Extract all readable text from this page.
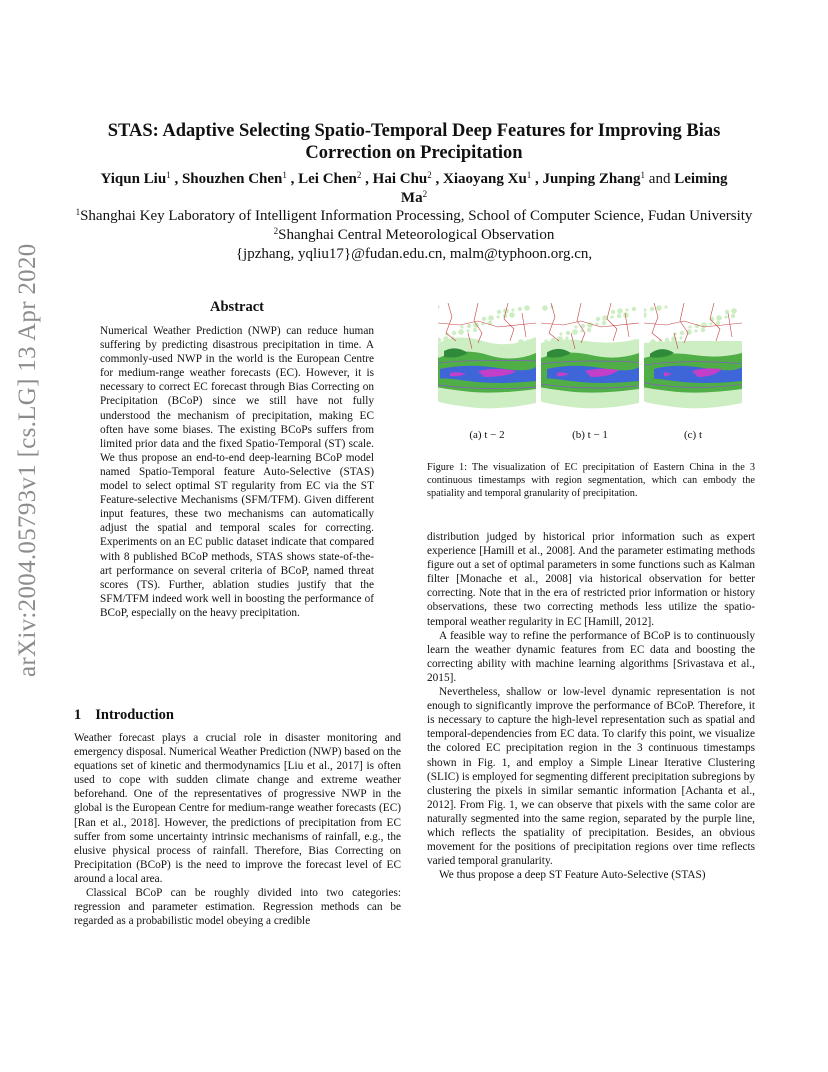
arXiv:2004.05793v1 [cs.LG] 13 Apr 2020
STAS: Adaptive Selecting Spatio-Temporal Deep Features for Improving Bias Correction on Precipitation
Yiqun Liu$^1$ , Shouzhen Chen$^1$ , Lei Chen$^2$ , Hai Chu$^2$ , Xiaoyang Xu$^1$ , Junping Zhang$^1$ and Leiming Ma$^2$
$^1$Shanghai Key Laboratory of Intelligent Information Processing, School of Computer Science, Fudan University
$^2$Shanghai Central Meteorological Observation
{jpzhang, yqliu17}@fudan.edu.cn, malm@typhoon.org.cn,
Abstract

Numerical Weather Prediction (NWP) can reduce human suffering by predicting disastrous precipitation in time. A commonly-used NWP in the world is the European Centre for medium-range weather forecasts (EC). However, it is necessary to correct EC forecast through Bias Correcting on Precipitation (BCoP) since we still have not fully understood the mechanism of precipitation, making EC often have some biases. The existing BCoPs suffers from limited prior data and the fixed Spatio-Temporal (ST) scale. We thus propose an end-to-end deep-learning BCoP model named Spatio-Temporal feature Auto-Selective (STAS) model to select optimal ST regularity from EC via the ST Feature-selective Mechanisms (SFM/TFM). Given different input features, these two mechanisms can automatically adjust the spatial and temporal scales for correcting. Experiments on an EC public dataset indicate that compared with 8 published BCoP methods, STAS shows state-of-the-art performance on several criteria of BCoP, named threat scores (TS). Further, ablation studies justify that the SFM/TFM indeed work well in boosting the performance of BCoP, especially on the heavy precipitation.

1 Introduction

Weather forecast plays a crucial role in disaster monitoring and emergency disposal. Numerical Weather Prediction (NWP) based on the equations set of kinetic and thermodynamics [Liu et al., 2017] is often used to cope with sudden climate change and extreme weather beforehand. One of the representatives of progressive NWP in the global is the European Centre for medium-range weather forecasts (EC) [Ran et al., 2018]. However, the predictions of precipitation from EC suffer from some uncertainty intrinsic mechanisms of rainfall, e.g., the elusive physical process of rainfall. Therefore, Bias Correcting on Precipitation (BCoP) is the need to improve the forecast level of EC around a local area.

Classical BCoP can be roughly divided into two categories: regression and parameter estimation. Regression methods can be regarded as a probabilistic model obeying a credible

(a) t − 2	(b) t − 1	(c) t
Figure 1: The visualization of EC precipitation of Eastern China in the 3 continuous timestamps with region segmentation, which can embody the spatiality and temporal granularity of precipitation.

distribution judged by historical prior information such as expert experience [Hamill et al., 2008]. And the parameter estimating methods figure out a set of optimal parameters in some functions such as Kalman filter [Monache et al., 2008] via historical observation for better correcting. Note that in the era of restricted prior information or history observations, these two correcting methods less utilize the spatio-temporal weather regularity in EC [Hamill, 2012].

A feasible way to refine the performance of BCoP is to continuously learn the weather dynamic features from EC data and boosting the correcting ability with machine learning algorithms [Srivastava et al., 2015].

Nevertheless, shallow or low-level dynamic representation is not enough to significantly improve the performance of BCoP. Therefore, it is necessary to capture the high-level representation such as spatial and temporal-dependencies from EC data. To clarify this point, we visualize the colored EC precipitation region in the 3 continuous timestamps shown in Fig. 1, and employ a Simple Linear Iterative Clustering (SLIC) is employed for segmenting different precipitation subregions by clustering the pixels in similar semantic information [Achanta et al., 2012]. From Fig. 1, we can observe that pixels with the same color are naturally segmented into the same region, separated by the purple line, which reflects the spatiality of precipitation. Besides, an obvious movement for the positions of precipitation regions over time reflects varied temporal granularity.

We thus propose a deep ST Feature Auto-Selective (STAS)
